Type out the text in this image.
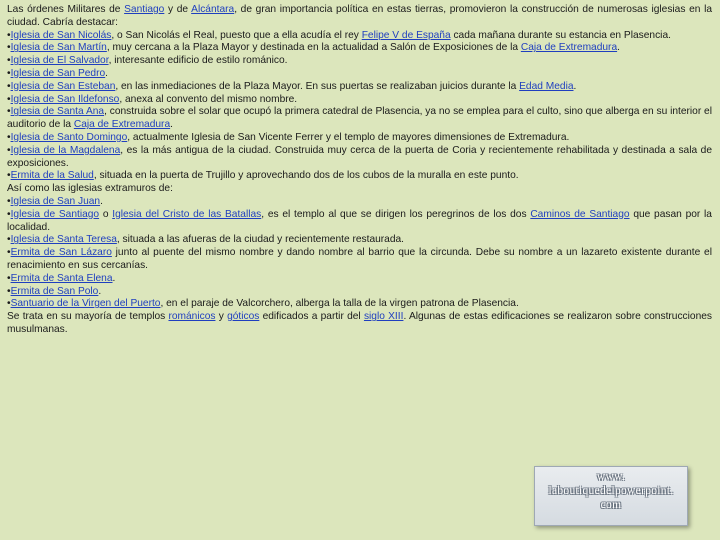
Las órdenes Militares de Santiago y de Alcántara, de gran importancia política en estas tierras, promovieron la construcción de numerosas iglesias en la ciudad. Cabría destacar:

•Iglesia de San Nicolás, o San Nicolás el Real, puesto que a ella acudía el rey Felipe V de España cada mañana durante su estancia en Plasencia.

•Iglesia de San Martín, muy cercana a la Plaza Mayor y destinada en la actualidad a Salón de Exposiciones de la Caja de Extremadura.

•Iglesia de El Salvador, interesante edificio de estilo románico.

•Iglesia de San Pedro.

•Iglesia de San Esteban, en las inmediaciones de la Plaza Mayor. En sus puertas se realizaban juicios durante la Edad Media.

•Iglesia de San Ildefonso, anexa al convento del mismo nombre.

•Iglesia de Santa Ana, construida sobre el solar que ocupó la primera catedral de Plasencia, ya no se emplea para el culto, sino que alberga en su interior el auditorio de la Caja de Extremadura.

•Iglesia de Santo Domingo, actualmente Iglesia de San Vicente Ferrer y el templo de mayores dimensiones de Extremadura.

•Iglesia de la Magdalena, es la más antigua de la ciudad. Construida muy cerca de la puerta de Coria y recientemente rehabilitada y destinada a sala de exposiciones.

•Ermita de la Salud, situada en la puerta de Trujillo y aprovechando dos de los cubos de la muralla en este punto.

Así como las iglesias extramuros de:

•Iglesia de San Juan.

•Iglesia de Santiago o Iglesia del Cristo de las Batallas, es el templo al que se dirigen los peregrinos de los dos Caminos de Santiago que pasan por la localidad.

•Iglesia de Santa Teresa, situada a las afueras de la ciudad y recientemente restaurada.

•Ermita de San Lázaro junto al puente del mismo nombre y dando nombre al barrio que la circunda. Debe su nombre a un lazareto existente durante el renacimiento en sus cercanías.

•Ermita de Santa Elena.

•Ermita de San Polo.

•Santuario de la Virgen del Puerto, en el paraje de Valcorchero, alberga la talla de la virgen patrona de Plasencia.

Se trata en su mayoría de templos románicos y góticos edificados a partir del siglo XIII. Algunas de estas edificaciones se realizaron sobre construcciones musulmanas.

www.
laboutiquedelpowerpoint.
com
